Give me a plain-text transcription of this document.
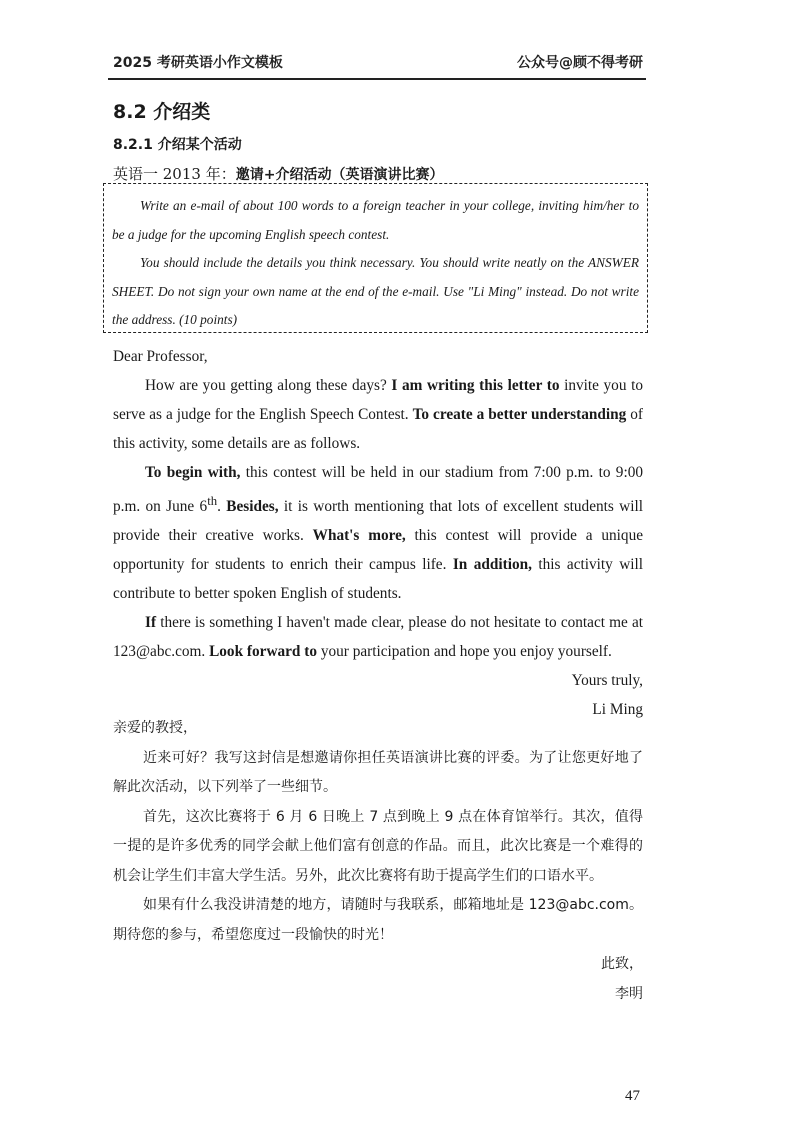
2025 考研英语小作文模板	公众号@顾不得考研
8.2 介绍类
8.2.1 介绍某个活动
英语一 2013 年：邀请+介绍活动（英语演讲比赛）

Write an e-mail of about 100 words to a foreign teacher in your college, inviting him/her to be a judge for the upcoming English speech contest.

You should include the details you think necessary. You should write neatly on the ANSWER SHEET. Do not sign your own name at the end of the e-mail. Use "Li Ming" instead. Do not write the address. (10 points)

Dear Professor,

How are you getting along these days? I am writing this letter to invite you to serve as a judge for the English Speech Contest. To create a better understanding of this activity, some details are as follows.

To begin with, this contest will be held in our stadium from 7:00 p.m. to 9:00 p.m. on June 6th. Besides, it is worth mentioning that lots of excellent students will provide their creative works. What's more, this contest will provide a unique opportunity for students to enrich their campus life. In addition, this activity will contribute to better spoken English of students.

If there is something I haven't made clear, please do not hesitate to contact me at 123@abc.com. Look forward to your participation and hope you enjoy yourself.

Yours truly,

Li Ming

亲爱的教授，

近来可好？我写这封信是想邀请你担任英语演讲比赛的评委。为了让您更好地了解此次活动，以下列举了一些细节。

首先，这次比赛将于 6 月 6 日晚上 7 点到晚上 9 点在体育馆举行。其次，值得一提的是许多优秀的同学会献上他们富有创意的作品。而且，此次比赛是一个难得的机会让学生们丰富大学生活。另外，此次比赛将有助于提高学生们的口语水平。

如果有什么我没讲清楚的地方，请随时与我联系，邮箱地址是 123@abc.com。期待您的参与，希望您度过一段愉快的时光！

此致，

李明

47
